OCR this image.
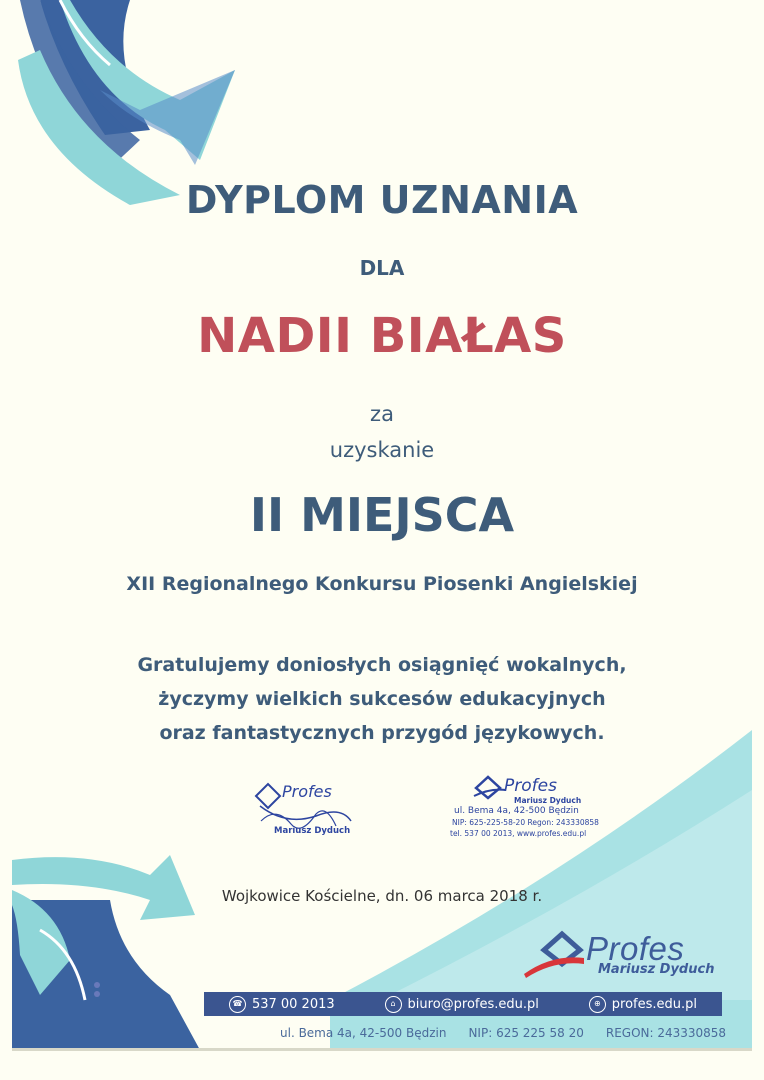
DYPLOM UZNANIA
DLA
NADII BIAŁAS
za
uzyskanie
II MIEJSCA
XII Regionalnego Konkursu Piosenki Angielskiej
Gratulujemy doniosłych osiągnięć wokalnych,
życzymy wielkich sukcesów edukacyjnych
oraz fantastycznych przygód językowych.
Profes
Mariusz Dyduch
Profes
Mariusz Dyduch
ul. Bema 4a, 42-500 Będzin
NIP: 625-225-58-20 Regon: 243330858
tel. 537 00 2013, www.profes.edu.pl
Wojkowice Kościelne, dn. 06 marca 2018 r.
Profes
Mariusz Dyduch
☎ 537 00 2013	⌂ biuro@profes.edu.pl	⊕ profes.edu.pl
ul. Bema 4a, 42-500 Będzin NIP: 625 225 58 20 REGON: 243330858
